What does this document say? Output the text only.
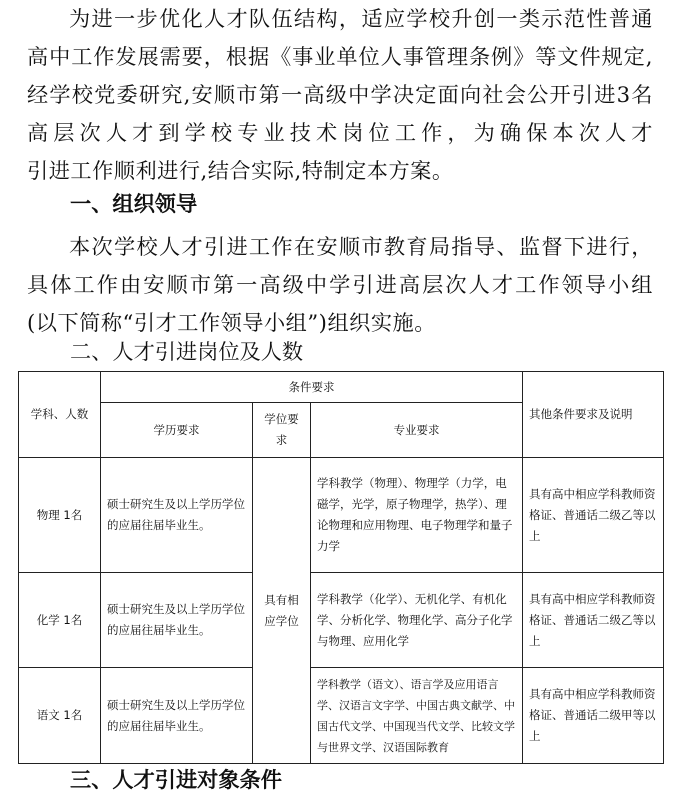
为进一步优化人才队伍结构，适应学校升创一类示范性普通高中工作发展需要，根据《事业单位人事管理条例》等文件规定,经学校党委研究,安顺市第一高级中学决定面向社会公开引进3名高层次人才到学校专业技术岗位工作，为确保本次人才

引进工作顺利进行,结合实际,特制定本方案。

一、组织领导

本次学校人才引进工作在安顺市教育局指导、监督下进行，具体工作由安顺市第一高级中学引进高层次人才工作领导小组

(以下简称“引才工作领导小组”)组织实施。

二、人才引进岗位及人数
学科、人数	条件要求			其他条件要求及说明
	学历要求	学位要求	专业要求	
物理 1名	硕士研究生及以上学历学位的应届往届毕业生。	具有相应学位	学科教学（物理）、物理学（力学，电磁学，光学，原子物理学，热学）、理论物理和应用物理、电子物理学和量子力学	具有高中相应学科教师资格证、普通话二级乙等以上
化学 1名	硕士研究生及以上学历学位的应届往届毕业生。		学科教学（化学）、无机化学、有机化学、分析化学、物理化学、高分子化学与物理、应用化学	具有高中相应学科教师资格证、普通话二级乙等以上
语文 1名	硕士研究生及以上学历学位的应届往届毕业生。		学科教学（语文）、语言学及应用语言学、汉语言文字学、中国古典文献学、中国古代文学、中国现当代文学、比较文学与世界文学、汉语国际教育	具有高中相应学科教师资格证、普通话二级甲等以上
三、人才引进对象条件
